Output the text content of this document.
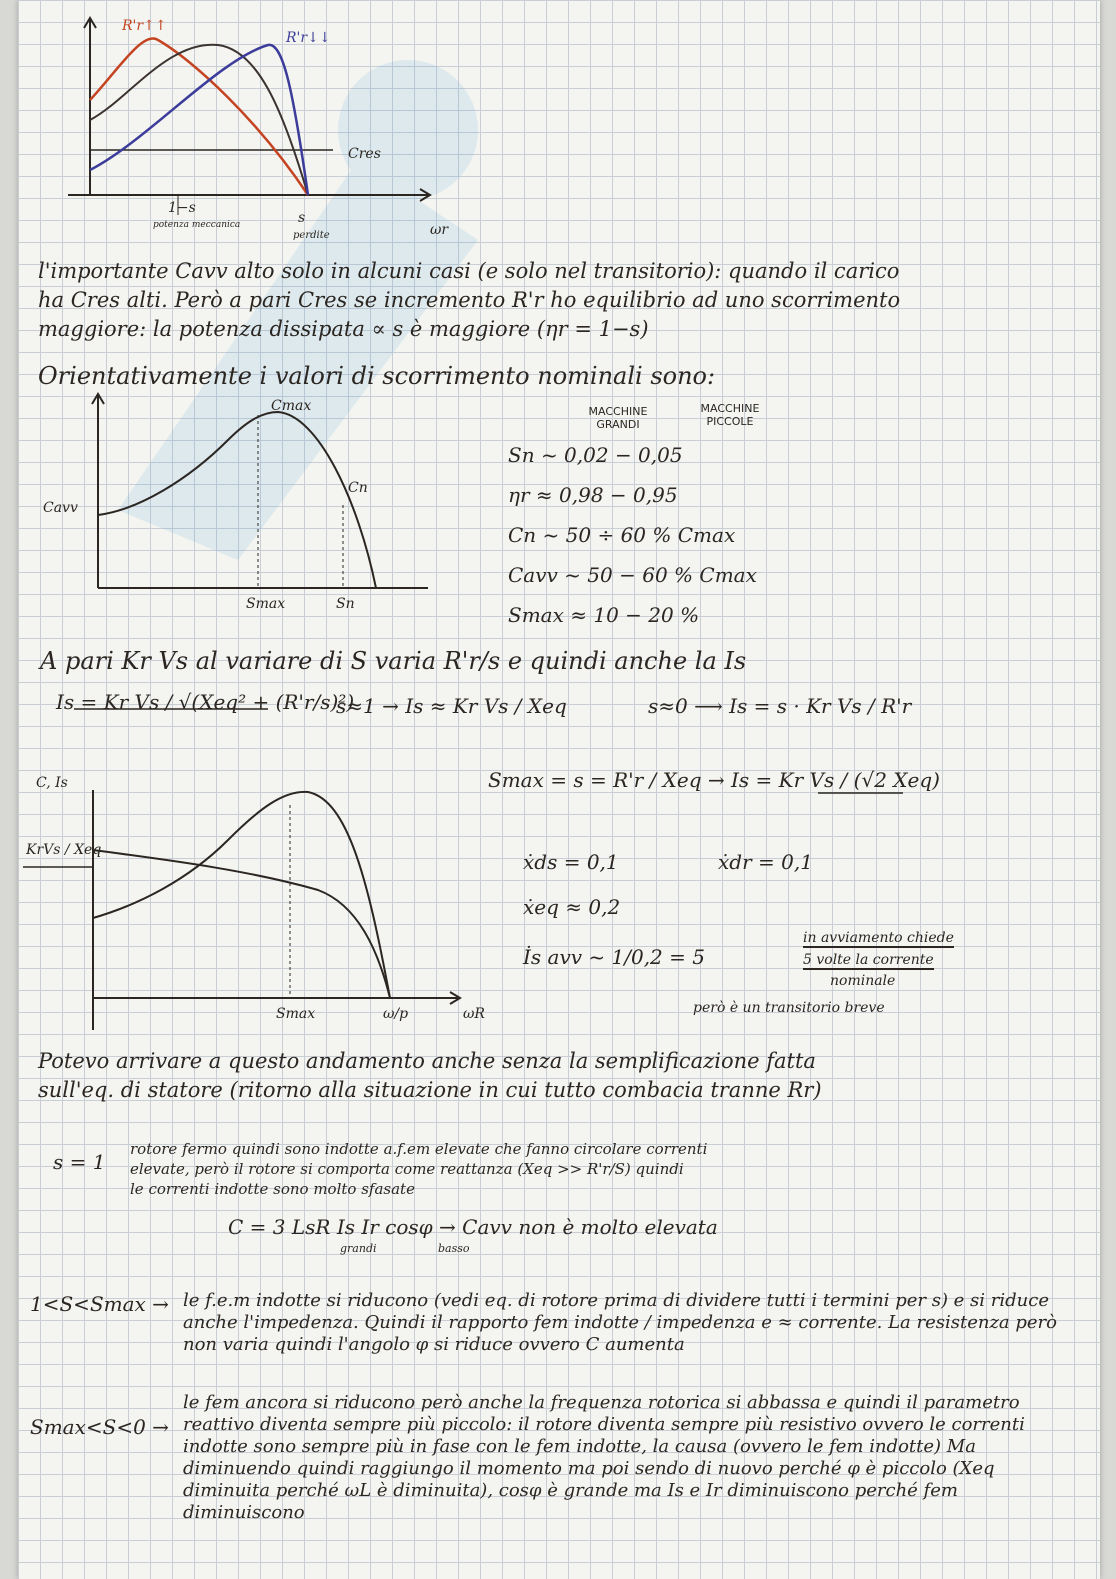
R'r↑↑
R'r↓↓
Cres
1−s
potenza meccanica	s
perdite	ωr
l'importante Cavv alto solo in alcuni casi (e solo nel transitorio): quando il carico
ha Cres alti. Però a pari Cres se incremento R'r ho equilibrio ad uno scorrimento
maggiore: la potenza dissipata ∝ s è maggiore (ηr = 1−s)
Orientativamente i valori di scorrimento nominali sono:
Cmax
Cn
Cavv
Smax	Sn
MACCHINE GRANDI
MACCHINE PICCOLE
Sn ~ 0,02 − 0,05
ηr ≈ 0,98 − 0,95
Cn ~ 50 ÷ 60 % Cmax
Cavv ~ 50 − 60 % Cmax
Smax ≈ 10 − 20 %
A pari Kr Vs al variare di S varia R'r/s e quindi anche la Is
Is = Kr Vs / √(Xeq² + (R'r/s)²)
s≈1 → Is ≈ Kr Vs / Xeq	s≈0 ⟶ Is = s · Kr Vs / R'r
C, Is
KrVs / Xeq
Smax	ω/p	ωR
Smax = s = R'r / Xeq → Is = Kr Vs / (√2 Xeq)
ẋds = 0,1	ẋdr = 0,1
ẋeq ≈ 0,2
İs avv ~ 1/0,2 = 5
in avviamento chiede
5 volte la corrente
nominale
però è un transitorio breve
Potevo arrivare a questo andamento anche senza la semplificazione fatta
sull'eq. di statore (ritorno alla situazione in cui tutto combacia tranne Rr)
s = 1
rotore fermo quindi sono indotte a.f.em elevate che fanno circolare correnti
elevate, però il rotore si comporta come reattanza (Xeq >> R'r/S) quindi
le correnti indotte sono molto sfasate
C = 3 LsR Is Ir cosφ → Cavv non è molto elevata
grandi	basso
1<S<Smax → le f.e.m indotte si riducono (vedi eq. di rotore prima di dividere tutti i termini per s) e si riduce anche l'impedenza. Quindi il rapporto fem indotte / impedenza e ≈ corrente. La resistenza però non varia quindi l'angolo φ si riduce ovvero C aumenta
Smax<S<0 →
le fem ancora si riducono però anche la frequenza rotorica si abbassa e quindi il parametro reattivo diventa sempre più piccolo: il rotore diventa sempre più resistivo ovvero le correnti indotte sono sempre più in fase con le fem indotte, la causa (ovvero le fem indotte) Ma diminuendo quindi raggiungo il momento ma poi sendo di nuovo perché φ è piccolo (Xeq diminuita perché ωL è diminuita), cosφ è grande ma Is e Ir diminuiscono perché fem diminuiscono
